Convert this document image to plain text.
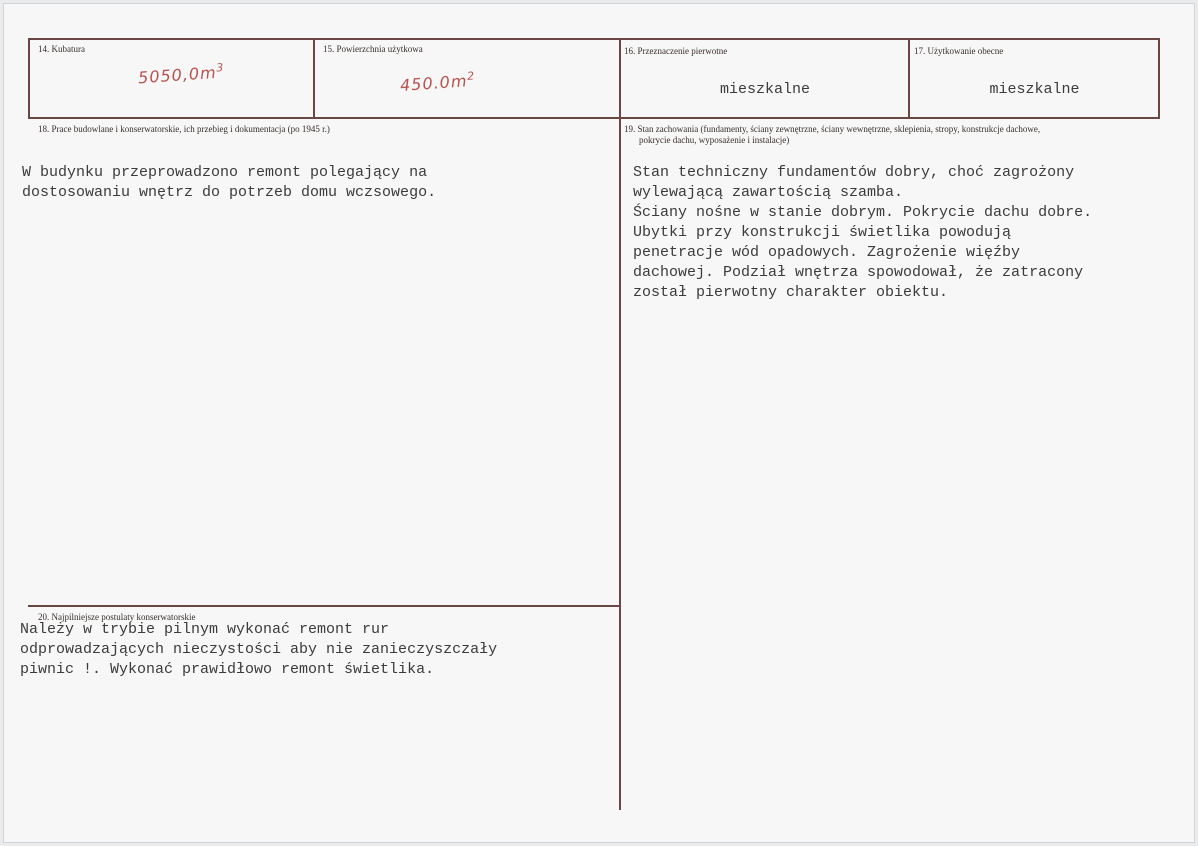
14. Kubatura
$5050,0m^3$
15. Powierzchnia użytkowa
$450.0m^2$
16. Przeznaczenie pierwotne
mieszkalne
17. Użytkowanie obecne
mieszkalne
18. Prace budowlane i konserwatorskie, ich przebieg i dokumentacja (po 1945 r.)
W budynku przeprowadzono remont polegający na
dostosowaniu wnętrz do potrzeb domu wczsowego.
19. Stan zachowania (fundamenty, ściany zewnętrzne, ściany wewnętrzne, sklepienia, stropy, konstrukcje dachowe,
pokrycie dachu, wyposażenie i instalacje)
Stan techniczny fundamentów dobry, choć zagrożony
wylewającą zawartością szamba.
Ściany nośne w stanie dobrym. Pokrycie dachu dobre.
Ubytki przy konstrukcji świetlika powodują
penetracje wód opadowych. Zagrożenie więźby
dachowej. Podział wnętrza spowodował, że zatracony
został pierwotny charakter obiektu.
20. Najpilniejsze postulaty konserwatorskie
Należy w trybie pilnym wykonać remont rur
odprowadzających nieczystości aby nie zanieczyszczały
piwnic !. Wykonać prawidłowo remont świetlika.
